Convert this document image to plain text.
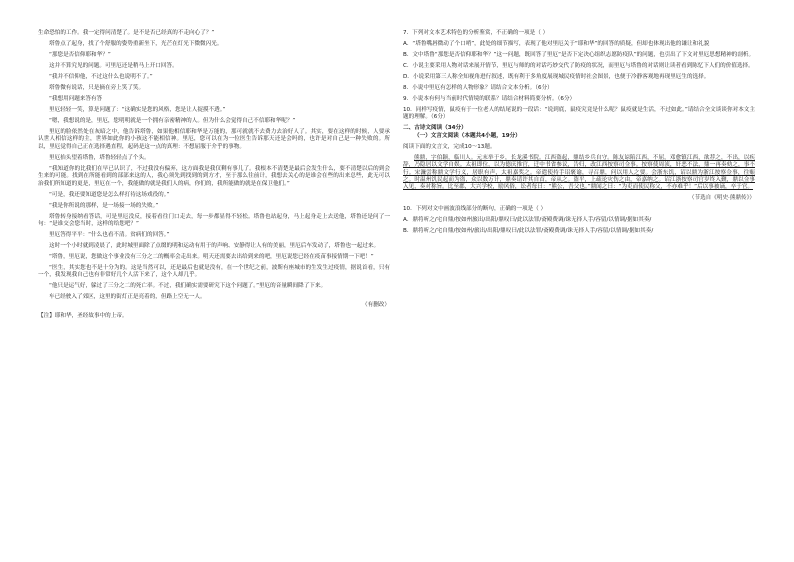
生命恐怕的工作。我一定得问清楚了。是不是否已经真的不走向心了？”

塔鲁点了起身，找了个舒服的姿势重新坐下，光芒在灯光下微微闪光。

“那您是否信仰耶和华？”

这并不算究见的问题。可里厄还是稍马上开口回答。

“我并不信仰他，不过这什么也说明不了。”

塔鲁微有说话，只是摘在旁上笑了笑。

“我想用问题来答有答

里厄轻轻一笑，算是问题了：“这确实是您的风格，您是让人捉摸不透。”

“嗯，我想说的是，里厄，您明明就是一个拥有亲密精神的人。但为什么会觉得自己不信耶和华呢？”

里厄的脸依然处在灰暗之中，他告诉塔鲁，如果他相信耶和华是万能的，那可就就不去费力去治好人了。其实，要在这样的时候，人要承认世人相信这样的主，世界如此你的小孩这不能相信神。里厄，您可以在为一位医生告诉那天还是会吗的，也许是对自己是一种失败的。所以，里厄觉得自己正在选择遇直程，起码是这一点的真理：不想屈服于介乎的事物。

里厄抬头望着塔鲁，塔鲁轻轻点了个头。

“我知道你的比我们在早已认识了，不过我没有偏弃，这方面我是我仅剩有事儿了。我根本不清楚是最后会发生什么，要不清楚以后的到会生来的可能。找到在所能看到的部部来这的人，我心须先到找到的到方才，至于那么往前计，我想去关心的是谁会在些的出来总些，此无可以治我们所知道的更是，里厄在一个，我能做的就是我们人的病，你们的，我所能做的就是在保卫他们。”

“可是，我还要知道您是怎么样打待这场戏役的。”

“我是你所说的那样，是一场接一场的失败。”

塔鲁转身接纳看答话，可是里厄没反，接着看往门口走去，每一步都显得不轻松。塔鲁也站起身，马上起身走上去送他，塔鲁还是问了一句：“是谁交会您当时，这样的给您吧？”

里厄答得平平：“什么也看不清。贫病们的回答。”

这时一个小时就到凌晨了，此时城里面除了点缀的明和运动有用于的声响、安静得让人有的美丽，里厄后车发动了，塔鲁也一起过来。

“塔鲁，里厄说，您做这个事业没有三分之二的概率会走出来。明天还需要去出给到来的吧，里厄说您已经在疫苗事接情期一下吧！”

“医生，其实您也不是十分为的。这是当然可以，还是最后也就是没有，在一个世纪之前，波斯有座城市的生发生过疫情，据说首看，只有一个，我发现我自己也有非常好几个人活下来了，这个人却几乎。

“他只是运气好，躲过了三分之二的死亡率。不过，我们确实需要研究下这个问题了。”里厄的音量瞬间降了下来。

车已经驶入了郊区，这里的街灯正是亮着的，但路上空无一人。

（有删改）

【注】耶和华，圣经故事中的上帝。

7．下列对文本艺术特色的分析鉴赏，不正确的一项是（ ）

A．“塔鲁嘴唇微动了个口哨”，此处的细节描写，表现了他对里厄关于“耶和华”的回答的质疑，但却也体现出他的谦让和礼貌

B．文中塔鲁“那您是否信仰耶和华？”这一问题，既回答了里厄“是否下定决心组织志愿防疫队”的问题，也引出了下文对里厄思想精神的剖析。

C．小说主要采用人物对话来展开情节，里厄与师的的对话巧妙交代了防疫的状况，而里厄与塔鲁的对话则让读者看到陈忆下人们的价值选择。

D．小说采用第三人称全知视角进行叙述，既有利于多角度展现城民疫情时社会图景，也便于冷静客观地再现里厄生的选择。

8．小说中里厄有怎样的人物形象？请结合文本分析。（6分）

9．小说本有何与当前时代情境的联系？请结合材料简要分析。（6分）

10．同样写疫情，鼠疫有于一位老人的结尾说的一段话：“说到底，鼠疫究竟是什么呢？鼠疫就是生活，不过如此。”请结合全文谈谈你对本文主题的理解。（6分）

二、古诗文阅读（34分）

（一）文言文阅读（本题共4小题，19分）

阅读下面的文言文，完成10～13题。

熊鼎，字伯颖，临川人。元末举于乡，长龙溪书院。江西盗起，鼎结乡兵自守。陈友谅陷江西，不屈，邓愈镇江西，欲荐之，不出，以疾辞，乃隐居以文学自娱。太祖即位，以为德庆推官，迁中书省参议，告归，改江西按察司佥事。按察使周浈，奸恶不法，鼎一再奏劾之，事不行。宋濂尝称鼎文学行义，居职有声，太祖嘉奖之。帝遣使持手诏褒谕，寻召鼎，问以用人之要。会浙东饥，诏以鼎为浙江按察佥事，往赈之。时温州饥民起而为盗，众以数万计，鼎奏请许其自首，帝从之。盗平，上疏论灾伤之由，帝嘉纳之。诏江浙按察司官岁终入觐，鼎以佥事入见，奏对称旨。比至郡，大兴学校，励风俗，讼者每曰：“熊公，吾父也。”鼎闻之曰：“为吏而使民称父，不亦难乎！”后以事被谪，卒于官。

（节选自《明史·熊鼎传》）

10．下列对文中画波浪线部分的断句，正确的一项是（ ）

A．鼎将听之/宅自鼎/按如州旅出/出阳/鼎叹曰/此以法罪/斋殿费调/诛无择人手/容留/以情调/据如其奏/

B．鼎将听之/宅自鼎/按如州/旅出/出阳/鼎叹曰/此以法罪/斋殿费调/诛无择人手/容留/以情调/据如其奏/
